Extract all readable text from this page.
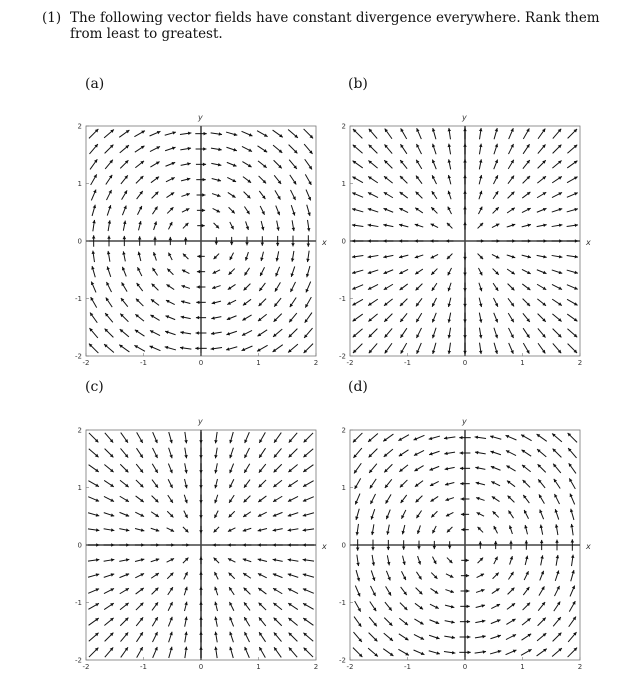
(1) The following vector fields have constant divergence everywhere. Rank them from least to greatest.
(a)	(b)
(c)	(d)
x
y
-2	-1	0	1	2
2
1
0
-1
-2
x
y
-2	-1	0	1	2
2
1
0
-1
-2
x
y
-2	-1	0	1	2
2
1
0
-1
-2
x
y
-2	-1	0	1	2
2
1
0
-1
-2
